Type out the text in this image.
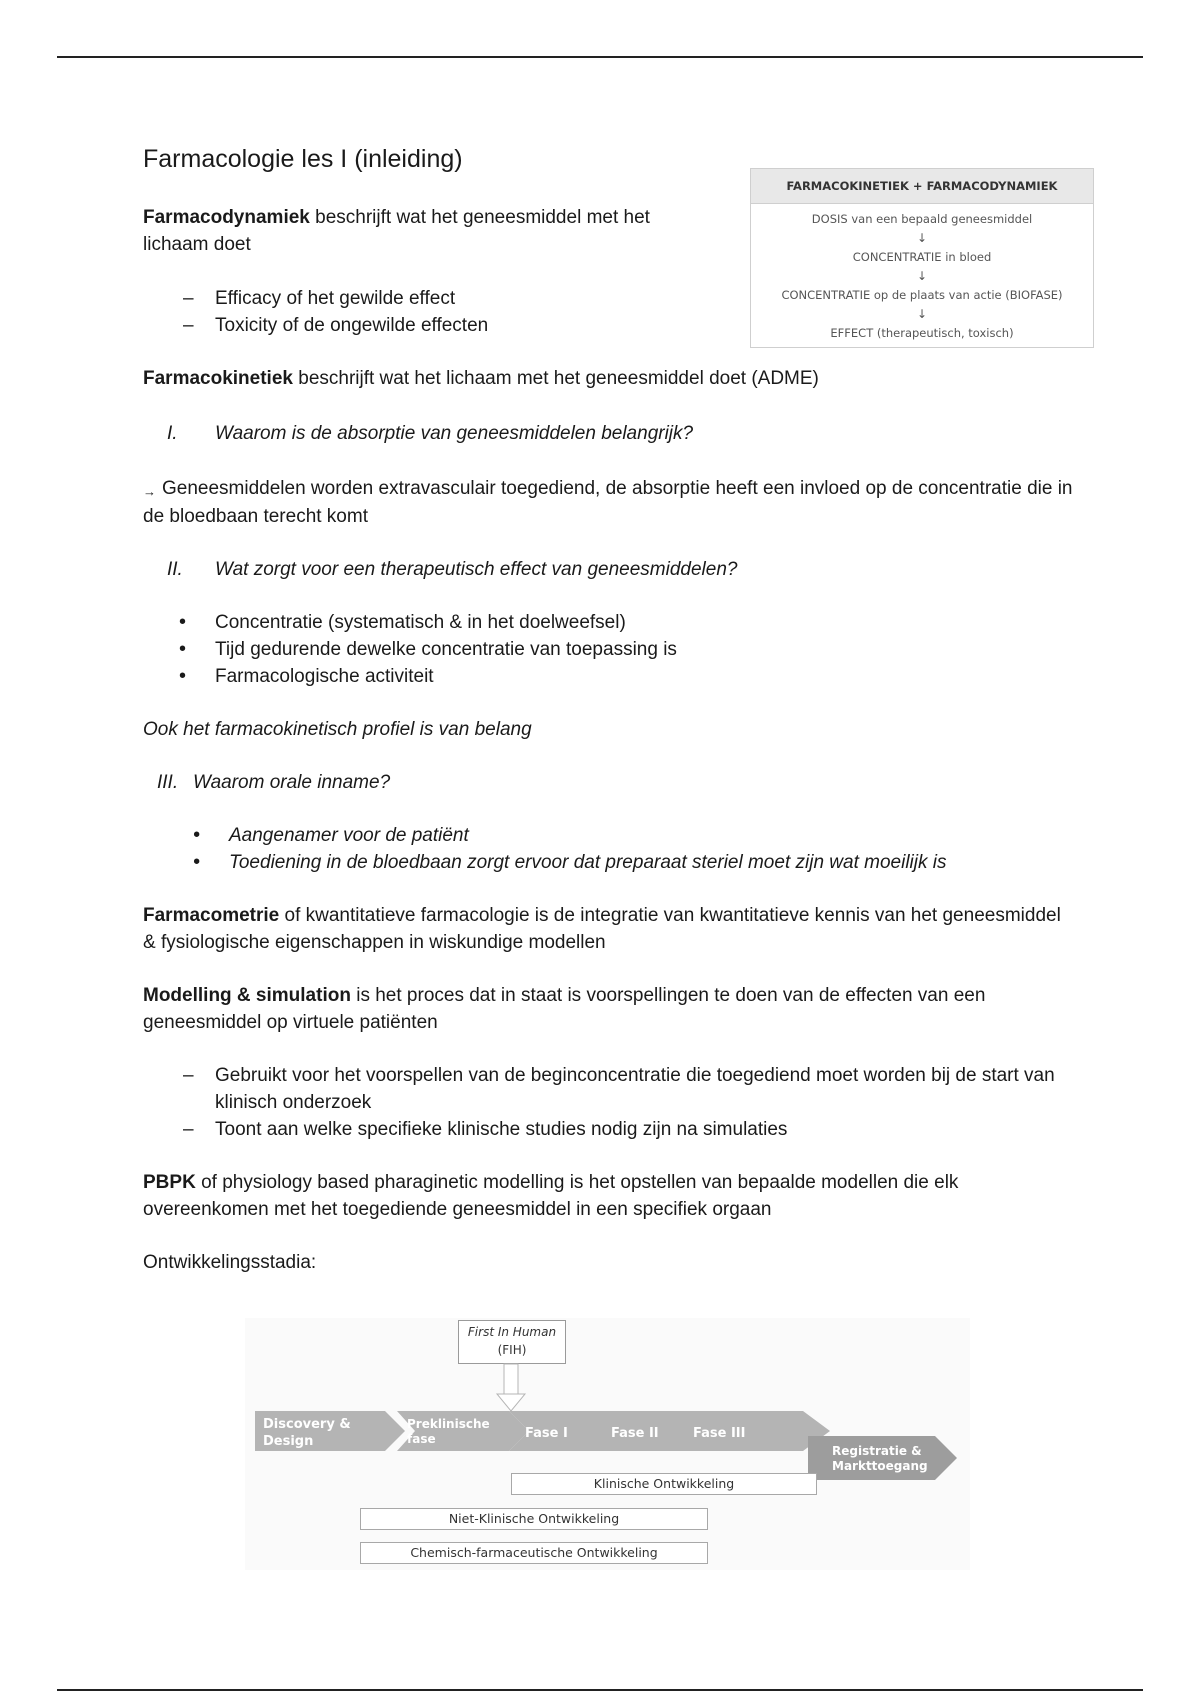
FARMACOKINETIEK + FARMACODYNAMIEK
DOSIS van een bepaald geneesmiddel
↓
CONCENTRATIE in bloed
↓
CONCENTRATIE op de plaats van actie (BIOFASE)
↓
EFFECT (therapeutisch, toxisch)
Farmacologie les I (inleiding)

Farmacodynamiek beschrijft wat het geneesmiddel met het lichaam doet

– Efficacy of het gewilde effect
– Toxicity of de ongewilde effecten

Farmacokinetiek beschrijft wat het lichaam met het geneesmiddel doet (ADME)

I. Waarom is de absorptie van geneesmiddelen belangrijk?

→ Geneesmiddelen worden extravasculair toegediend, de absorptie heeft een invloed op de concentratie die in de bloedbaan terecht komt

II. Wat zorgt voor een therapeutisch effect van geneesmiddelen?
• Concentratie (systematisch & in het doelweefsel)
• Tijd gedurende dewelke concentratie van toepassing is
• Farmacologische activiteit

Ook het farmacokinetisch profiel is van belang

III. Waarom orale inname?
• Aangenamer voor de patiënt
• Toediening in de bloedbaan zorgt ervoor dat preparaat steriel moet zijn wat moeilijk is

Farmacometrie of kwantitatieve farmacologie is de integratie van kwantitatieve kennis van het geneesmiddel & fysiologische eigenschappen in wiskundige modellen

Modelling & simulation is het proces dat in staat is voorspellingen te doen van de effecten van een geneesmiddel op virtuele patiënten

– Gebruikt voor het voorspellen van de beginconcentratie die toegediend moet worden bij de start van klinisch onderzoek
– Toont aan welke specifieke klinische studies nodig zijn na simulaties

PBPK of physiology based pharaginetic modelling is het opstellen van bepaalde modellen die elk overeenkomen met het toegediende geneesmiddel in een specifiek orgaan

Ontwikkelingsstadia:

First In Human
(FIH)
Discovery &
Design
Preklinische
fase	Fase I	Fase II	Fase III
Registratie &
Markttoegang
Klinische Ontwikkeling
Niet-Klinische Ontwikkeling
Chemisch-farmaceutische Ontwikkeling
